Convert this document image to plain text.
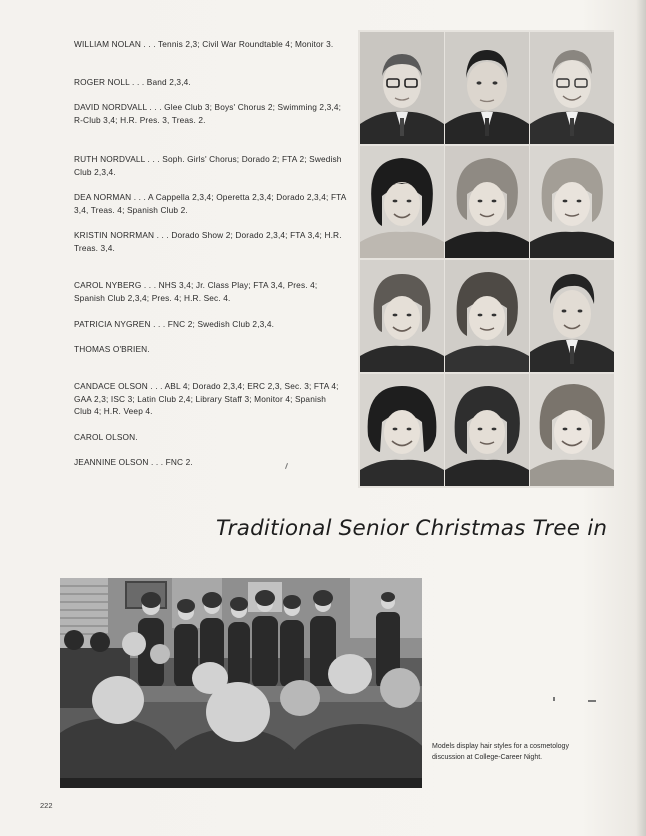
WILLIAM NOLAN . . . Tennis 2,3; Civil War Roundtable 4; Monitor 3.
ROGER NOLL . . . Band 2,3,4.
DAVID NORDVALL . . . Glee Club 3; Boys' Chorus 2; Swimming 2,3,4; R-Club 3,4; H.R. Pres. 3, Treas. 2.
RUTH NORDVALL . . . Soph. Girls' Chorus; Dorado 2; FTA 2; Swedish Club 2,3,4.
DEA NORMAN . . . A Cappella 2,3,4; Operetta 2,3,4; Dorado 2,3,4; FTA 3,4, Treas. 4; Spanish Club 2.
KRISTIN NORRMAN . . . Dorado Show 2; Dorado 2,3,4; FTA 3,4; H.R. Treas. 3,4.
CAROL NYBERG . . . NHS 3,4; Jr. Class Play; FTA 3,4, Pres. 4; Spanish Club 2,3,4; Pres. 4; H.R. Sec. 4.
PATRICIA NYGREN . . . FNC 2; Swedish Club 2,3,4.
THOMAS O'BRIEN.
CANDACE OLSON . . . ABL 4; Dorado 2,3,4; ERC 2,3, Sec. 3; FTA 4; GAA 2,3; ISC 3; Latin Club 2,4; Library Staff 3; Monitor 4; Spanish Club 4; H.R. Veep 4.
CAROL OLSON.
JEANNINE OLSON . . . FNC 2.
Traditional Senior Christmas Tree in
Models display hair styles for a cosmetology discussion at College-Career Night.
222
